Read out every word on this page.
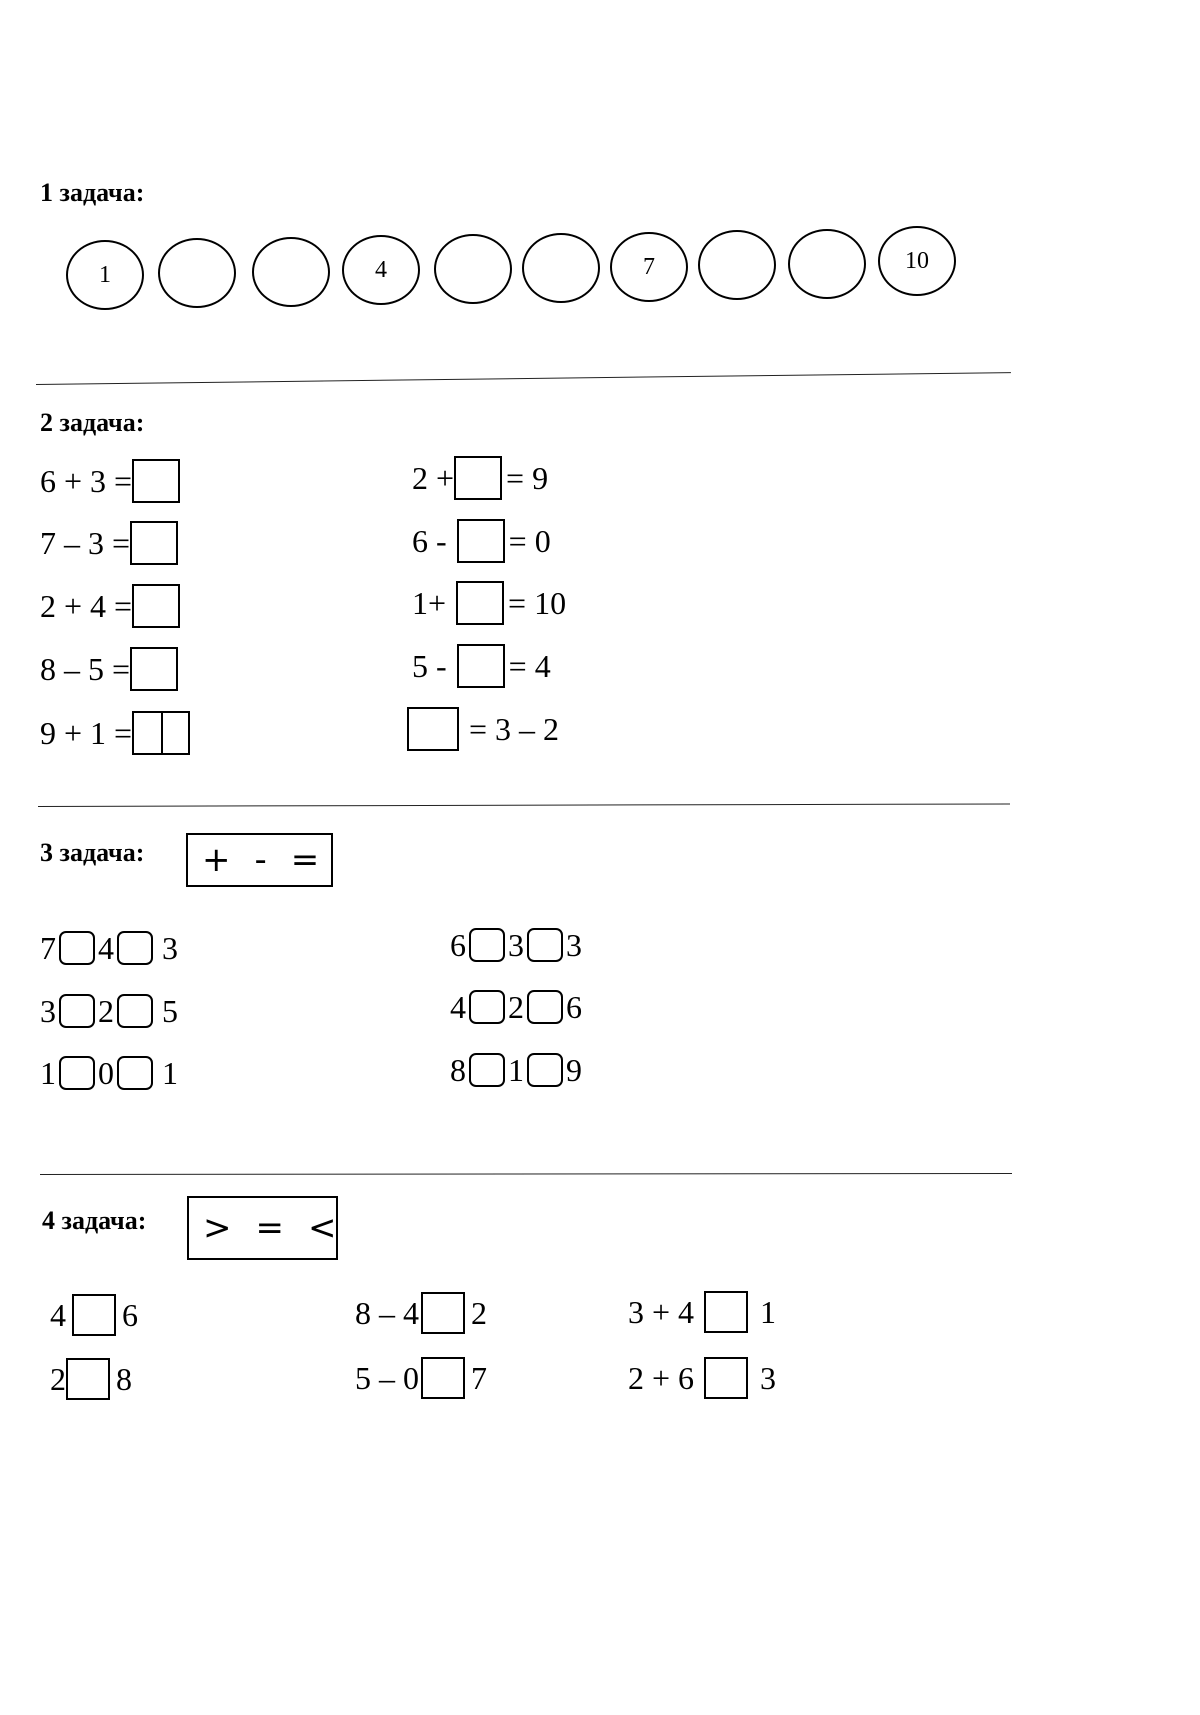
1 задача:
1	4	7	10
2 задача:
6 + 3 =
7 – 3 =
2 + 4 =
8 – 5 =
9 + 1 =
2 + = 9
6 - = 0
1+ = 10
5 - = 4
= 3 – 2
3 задача: + - =
7 4 3
3 2 5
1 0 1
6 3 3
4 2 6
8 1 9
4 задача: > = <
4 6
2 8
8 – 4 2
5 – 0 7
3 + 4 1
2 + 6 3
